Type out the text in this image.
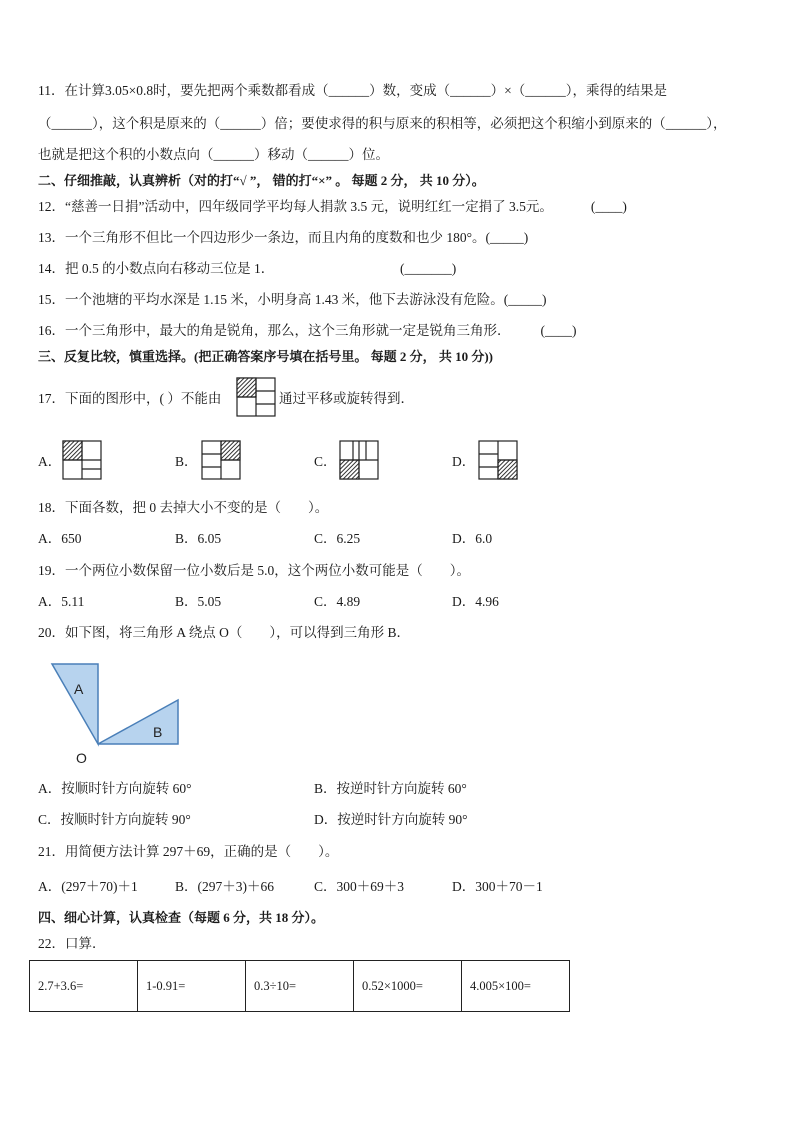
11．在计算3.05×0.8时，要先把两个乘数都看成（______）数，变成（______）×（______），乘得的结果是
（______），这个积是原来的（______）倍；要使求得的积与原来的积相等，必须把这个积缩小到原来的（______），
也就是把这个积的小数点向（______）移动（______）位。
二、仔细推敲，认真辨析（对的打“√ ”， 错的打“×” 。 每题 2 分， 共 10 分）。
12．“慈善一日捐”活动中，四年级同学平均每人捐款 3.5 元，说明红红一定捐了 3.5元。	(____)
13．一个三角形不但比一个四边形少一条边，而且内角的度数和也少 180°。(_____)
14．把 0.5 的小数点向右移动三位是 1．	(_______)
15．一个池塘的平均水深是 1.15 米，小明身高 1.43 米，他下去游泳没有危险。(_____)
16．一个三角形中，最大的角是锐角，那么，这个三角形就一定是锐角三角形． (____)
三、反复比较，慎重选择。(把正确答案序号填在括号里。 每题 2 分， 共 10 分))
17．下面的图形中，( ）不能由	通过平移或旋转得到．
A．	B．	C．	D．
18．下面各数，把 0 去掉大小不变的是（　　）。
A．650	B．6.05	C．6.25	D．6.0
19．一个两位小数保留一位小数后是 5.0，这个两位小数可能是（　　）。
A．5.11	B．5.05	C．4.89	D．4.96
20．如下图，将三角形 A 绕点 O（　　），可以得到三角形 B．
A
B
O
A．按顺时针方向旋转 60°	B．按逆时针方向旋转 60°
C．按顺时针方向旋转 90°	D．按逆时针方向旋转 90°
21．用简便方法计算 297＋69，正确的是（　　）。
A．(297＋70)＋1	B．(297＋3)＋66	C．300＋69＋3	D．300＋70－1
四、细心计算，认真检查（每题 6 分，共 18 分）。
22．口算．
2.7+3.6=	1-0.91=	0.3÷10=	0.52×1000=	4.005×100=
